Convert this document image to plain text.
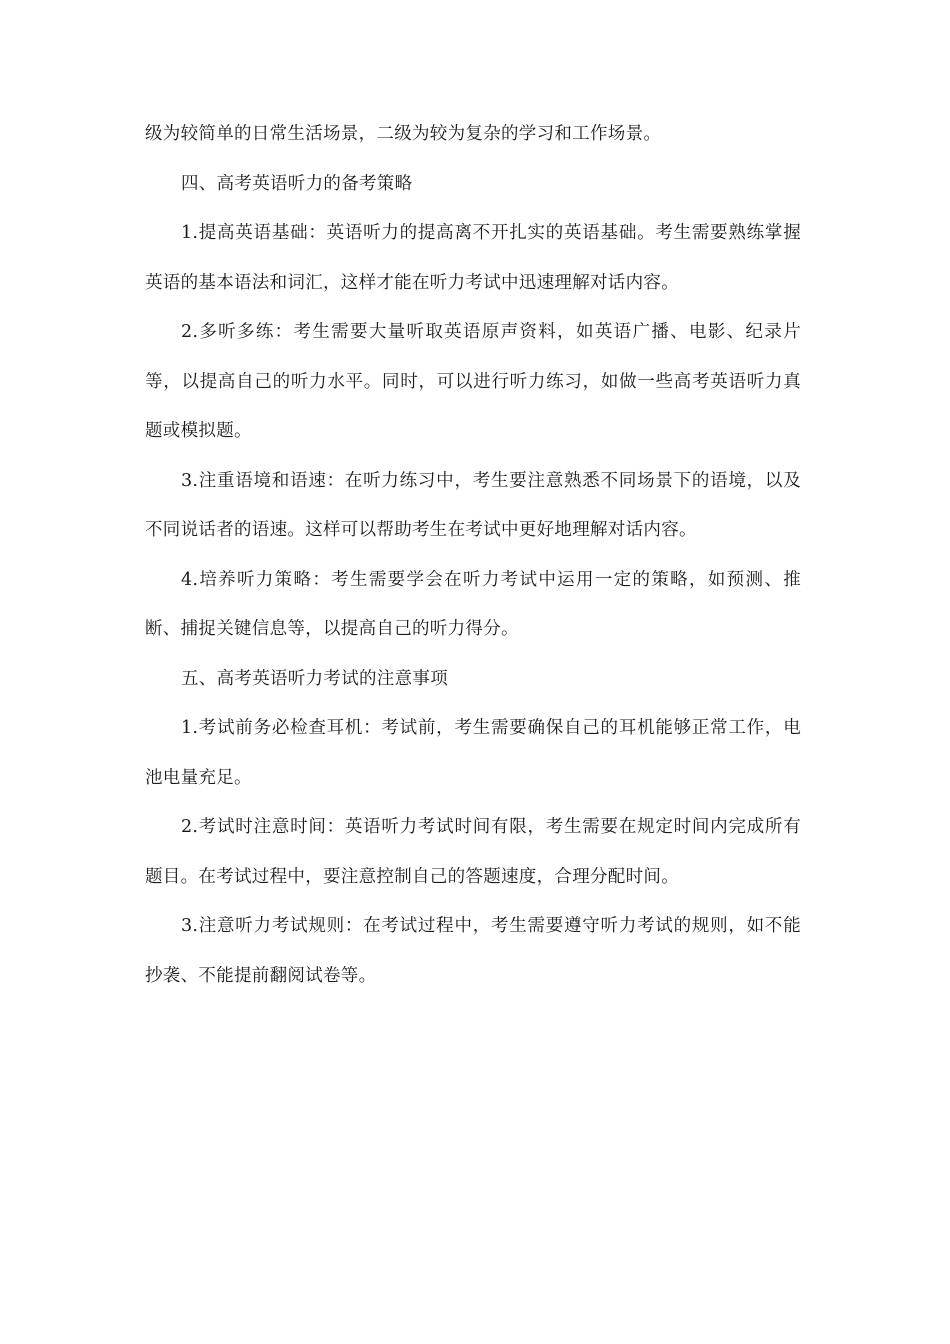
级为较简单的日常生活场景，二级为较为复杂的学习和工作场景。

四、高考英语听力的备考策略

1.提高英语基础：英语听力的提高离不开扎实的英语基础。考生需要熟练掌握英语的基本语法和词汇，这样才能在听力考试中迅速理解对话内容。

2.多听多练：考生需要大量听取英语原声资料，如英语广播、电影、纪录片等，以提高自己的听力水平。同时，可以进行听力练习，如做一些高考英语听力真题或模拟题。

3.注重语境和语速：在听力练习中，考生要注意熟悉不同场景下的语境，以及不同说话者的语速。这样可以帮助考生在考试中更好地理解对话内容。

4.培养听力策略：考生需要学会在听力考试中运用一定的策略，如预测、推断、捕捉关键信息等，以提高自己的听力得分。

五、高考英语听力考试的注意事项

1.考试前务必检查耳机：考试前，考生需要确保自己的耳机能够正常工作，电池电量充足。

2.考试时注意时间：英语听力考试时间有限，考生需要在规定时间内完成所有题目。在考试过程中，要注意控制自己的答题速度，合理分配时间。

3.注意听力考试规则：在考试过程中，考生需要遵守听力考试的规则，如不能抄袭、不能提前翻阅试卷等。
